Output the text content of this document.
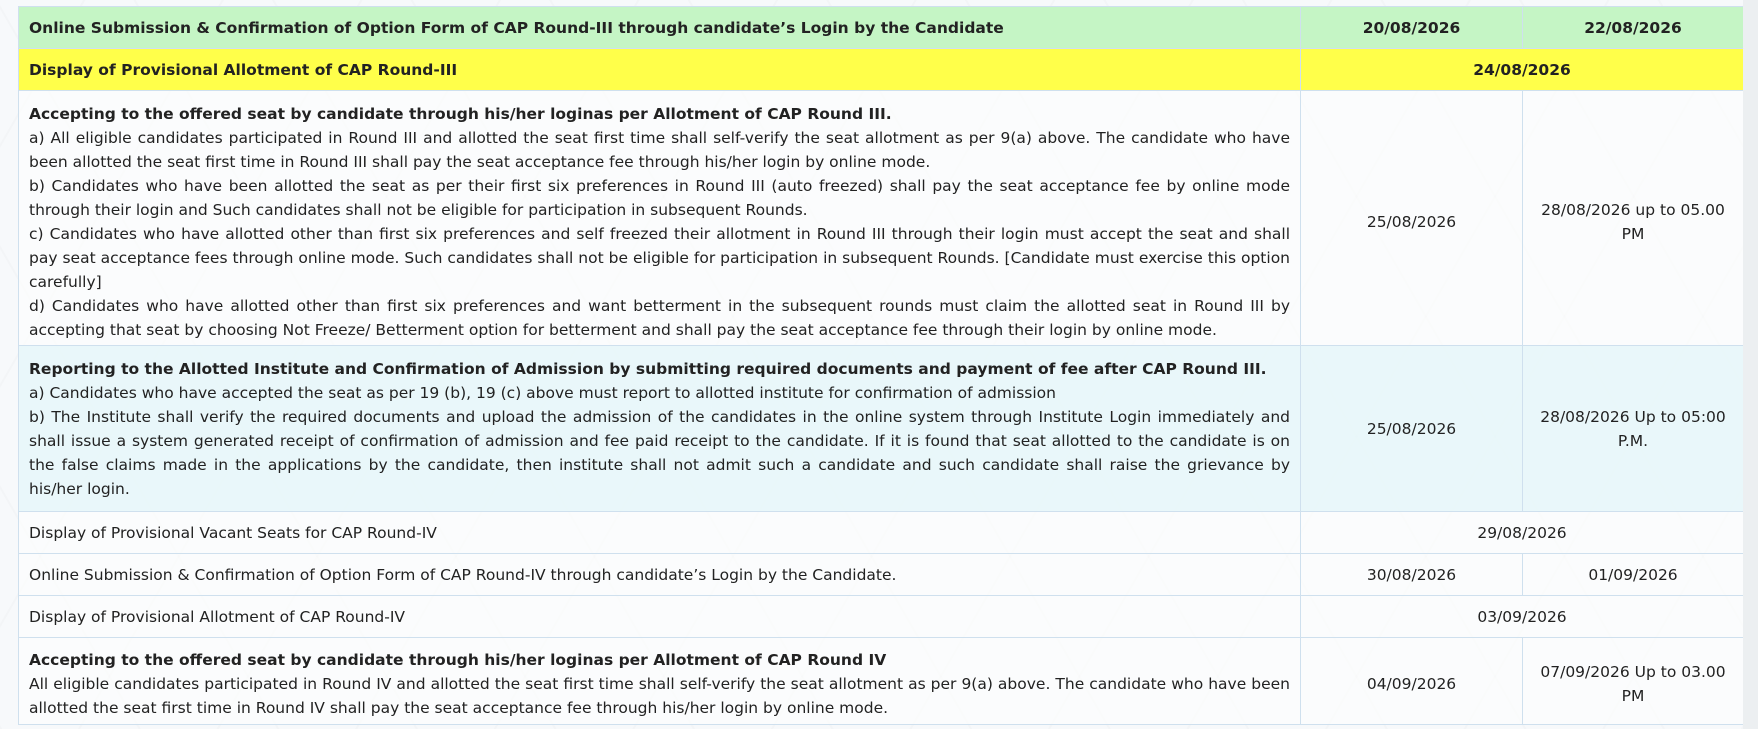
Online Submission & Confirmation of Option Form of CAP Round-III through candidate’s Login by the Candidate	20/08/2026	22/08/2026
Display of Provisional Allotment of CAP Round-III	24/08/2026	

Accepting to the offered seat by candidate through his/her loginas per Allotment of CAP Round III.
a) All eligible candidates participated in Round III and allotted the seat first time shall self-verify the seat allotment as per 9(a) above. The candidate who have been allotted the seat first time in Round III shall pay the seat acceptance fee through his/her login by online mode.
b) Candidates who have been allotted the seat as per their first six preferences in Round III (auto freezed) shall pay the seat acceptance fee by online mode through their login and Such candidates shall not be eligible for participation in subsequent Rounds.
c) Candidates who have allotted other than first six preferences and self freezed their allotment in Round III through their login must accept the seat and shall pay seat acceptance fees through online mode. Such candidates shall not be eligible for participation in subsequent Rounds. [Candidate must exercise this option carefully]
d) Candidates who have allotted other than first six preferences and want betterment in the subsequent rounds must claim the allotted seat in Round III by accepting that seat by choosing Not Freeze/ Betterment option for betterment and shall pay the seat acceptance fee through their login by online mode.	25/08/2026	28/08/2026 up to 05.00 PM

Reporting to the Allotted Institute and Confirmation of Admission by submitting required documents and payment of fee after CAP Round III.
a) Candidates who have accepted the seat as per 19 (b), 19 (c) above must report to allotted institute for confirmation of admission
b) The Institute shall verify the required documents and upload the admission of the candidates in the online system through Institute Login immediately and shall issue a system generated receipt of confirmation of admission and fee paid receipt to the candidate. If it is found that seat allotted to the candidate is on the false claims made in the applications by the candidate, then institute shall not admit such a candidate and such candidate shall raise the grievance by his/her login.	25/08/2026	28/08/2026 Up to 05:00 P.M.
Display of Provisional Vacant Seats for CAP Round-IV	29/08/2026	
Online Submission & Confirmation of Option Form of CAP Round-IV through candidate’s Login by the Candidate.	30/08/2026	01/09/2026
Display of Provisional Allotment of CAP Round-IV	03/09/2026	

Accepting to the offered seat by candidate through his/her loginas per Allotment of CAP Round IV
All eligible candidates participated in Round IV and allotted the seat first time shall self-verify the seat allotment as per 9(a) above. The candidate who have been allotted the seat first time in Round IV shall pay the seat acceptance fee through his/her login by online mode.	04/09/2026	07/09/2026 Up to 03.00 PM
